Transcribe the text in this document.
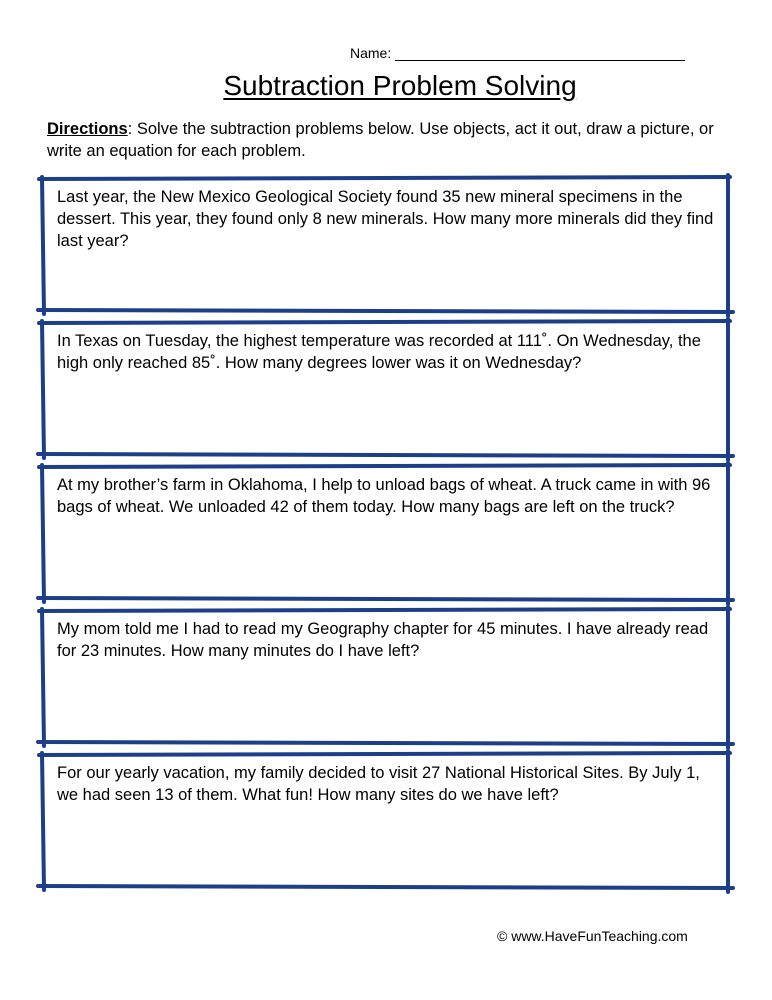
Name:
Subtraction Problem Solving
Directions: Solve the subtraction problems below. Use objects, act it out, draw a picture, or write an equation for each problem.
Last year, the New Mexico Geological Society found 35 new mineral specimens in the dessert. This year, they found only 8 new minerals. How many more minerals did they find last year?
In Texas on Tuesday, the highest temperature was recorded at 111˚. On Wednesday, the high only reached 85˚. How many degrees lower was it on Wednesday?
At my brother’s farm in Oklahoma, I help to unload bags of wheat. A truck came in with 96 bags of wheat. We unloaded 42 of them today. How many bags are left on the truck?
My mom told me I had to read my Geography chapter for 45 minutes. I have already read for 23 minutes. How many minutes do I have left?
For our yearly vacation, my family decided to visit 27 National Historical Sites. By July 1, we had seen 13 of them. What fun! How many sites do we have left?
© www.HaveFunTeaching.com
